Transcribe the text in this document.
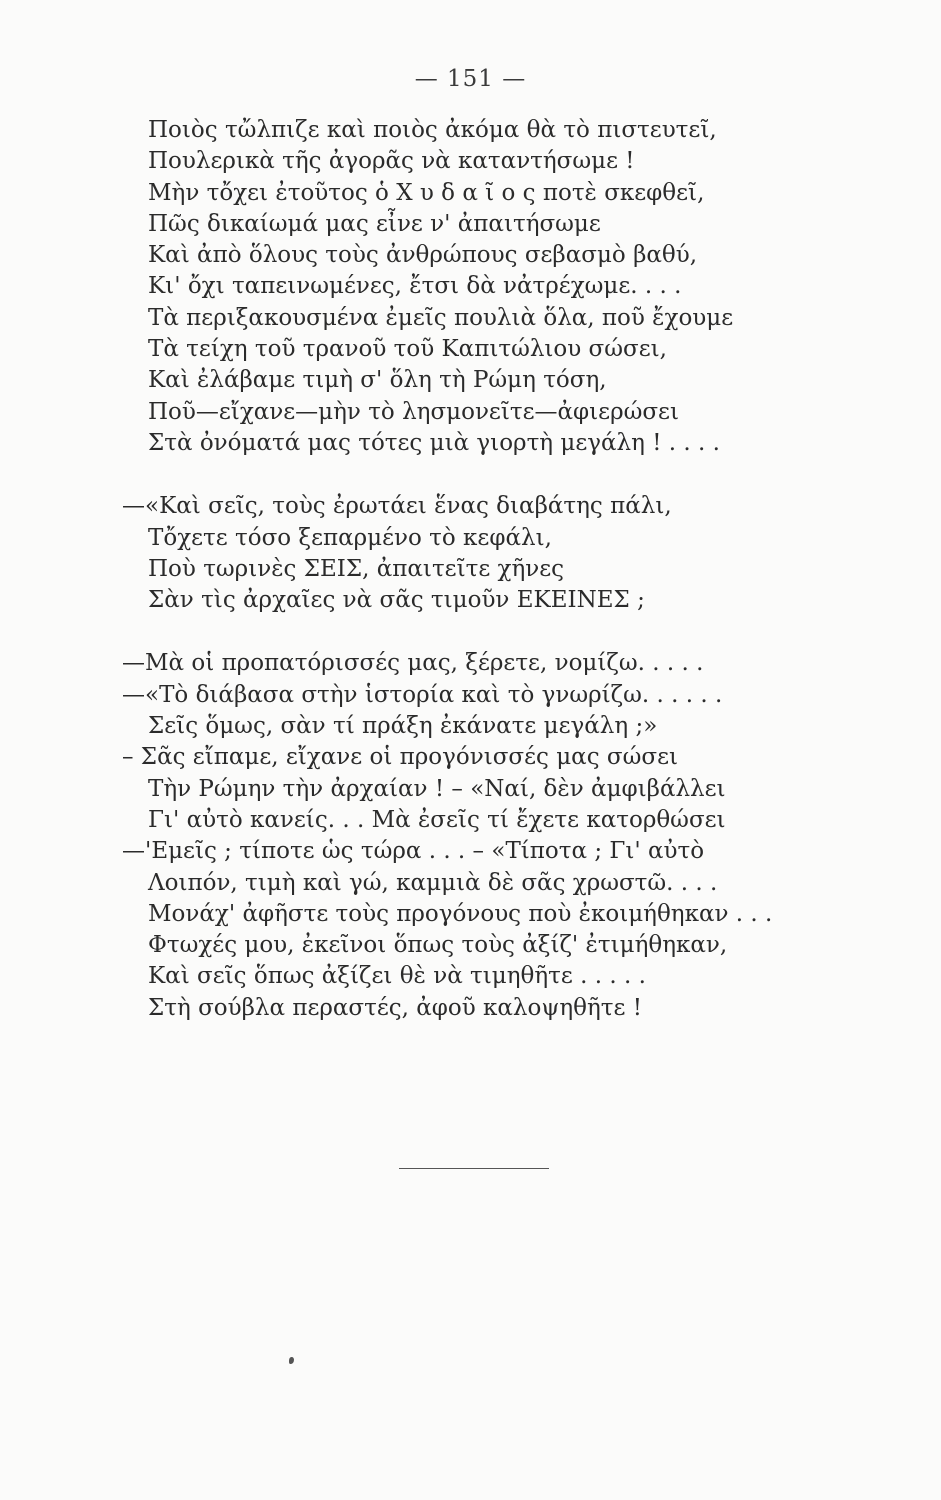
— 151 —
Ποιὸς τὤλπιζε καὶ ποιὸς ἀκόμα θὰ τὸ πιστευτεῖ,
Πουλερικὰ τῆς ἀγορᾶς νὰ καταντήσωμε !
Μὴν τὄχει ἐτοῦτος ὁ Χ υ δ α ῖ ο ς ποτὲ σκεφθεῖ,
Πῶς δικαίωμά μας εἶνε ν' ἀπαιτήσωμε
Καὶ ἀπὸ ὅλους τοὺς ἀνθρώπους σεβασμὸ βαθύ,
Κι' ὄχι ταπεινωμένες, ἔτσι δὰ νἀτρέχωμε. . . .
Τὰ περιξακουσμένα ἐμεῖς πουλιὰ ὅλα, ποῦ ἔχουμε
Τὰ τείχη τοῦ τρανοῦ τοῦ Καπιτώλιου σώσει,
Καὶ ἐλάβαμε τιμὴ σ' ὅλη τὴ Ρώμη τόση,
Ποῦ—εἴχανε—μὴν τὸ λησμονεῖτε—ἀφιερώσει
Στὰ ὀνόματά μας τότες μιὰ γιορτὴ μεγάλη ! . . . .
—«Καὶ σεῖς, τοὺς ἐρωτάει ἕνας διαβάτης πάλι,
Τὄχετε τόσο ξεπαρμένο τὸ κεφάλι,
Ποὺ τωρινὲς ΣΕΙΣ, ἀπαιτεῖτε χῆνες
Σὰν τὶς ἀρχαῖες νὰ σᾶς τιμοῦν ΕΚΕΙΝΕΣ ;
—Μὰ οἱ προπατόρισσές μας, ξέρετε, νομίζω. . . . .
—«Τὸ διάβασα στὴν ἱστορία καὶ τὸ γνωρίζω. . . . . .
Σεῖς ὅμως, σὰν τί πράξη ἐκάνατε μεγάλη ;»
– Σᾶς εἴπαμε, εἴχανε οἱ προγόνισσές μας σώσει
Τὴν Ρώμην τὴν ἀρχαίαν ! – «Ναί, δὲν ἀμφιβάλλει
Γι' αὐτὸ κανείς. . . Μὰ ἐσεῖς τί ἔχετε κατορθώσει
—'Εμεῖς ; τίποτε ὡς τώρα . . . – «Τίποτα ; Γι' αὐτὸ
Λοιπόν, τιμὴ καὶ γώ, καμμιὰ δὲ σᾶς χρωστῶ. . . .
Μονάχ' ἀφῆστε τοὺς προγόνους ποὺ ἐκοιμήθηκαν . . .
Φτωχές μου, ἐκεῖνοι ὅπως τοὺς ἀξίζ' ἐτιμήθηκαν,
Καὶ σεῖς ὅπως ἀξίζει θὲ νὰ τιμηθῆτε . . . . .
Στὴ σούβλα περαστές, ἀφοῦ καλοψηθῆτε !
